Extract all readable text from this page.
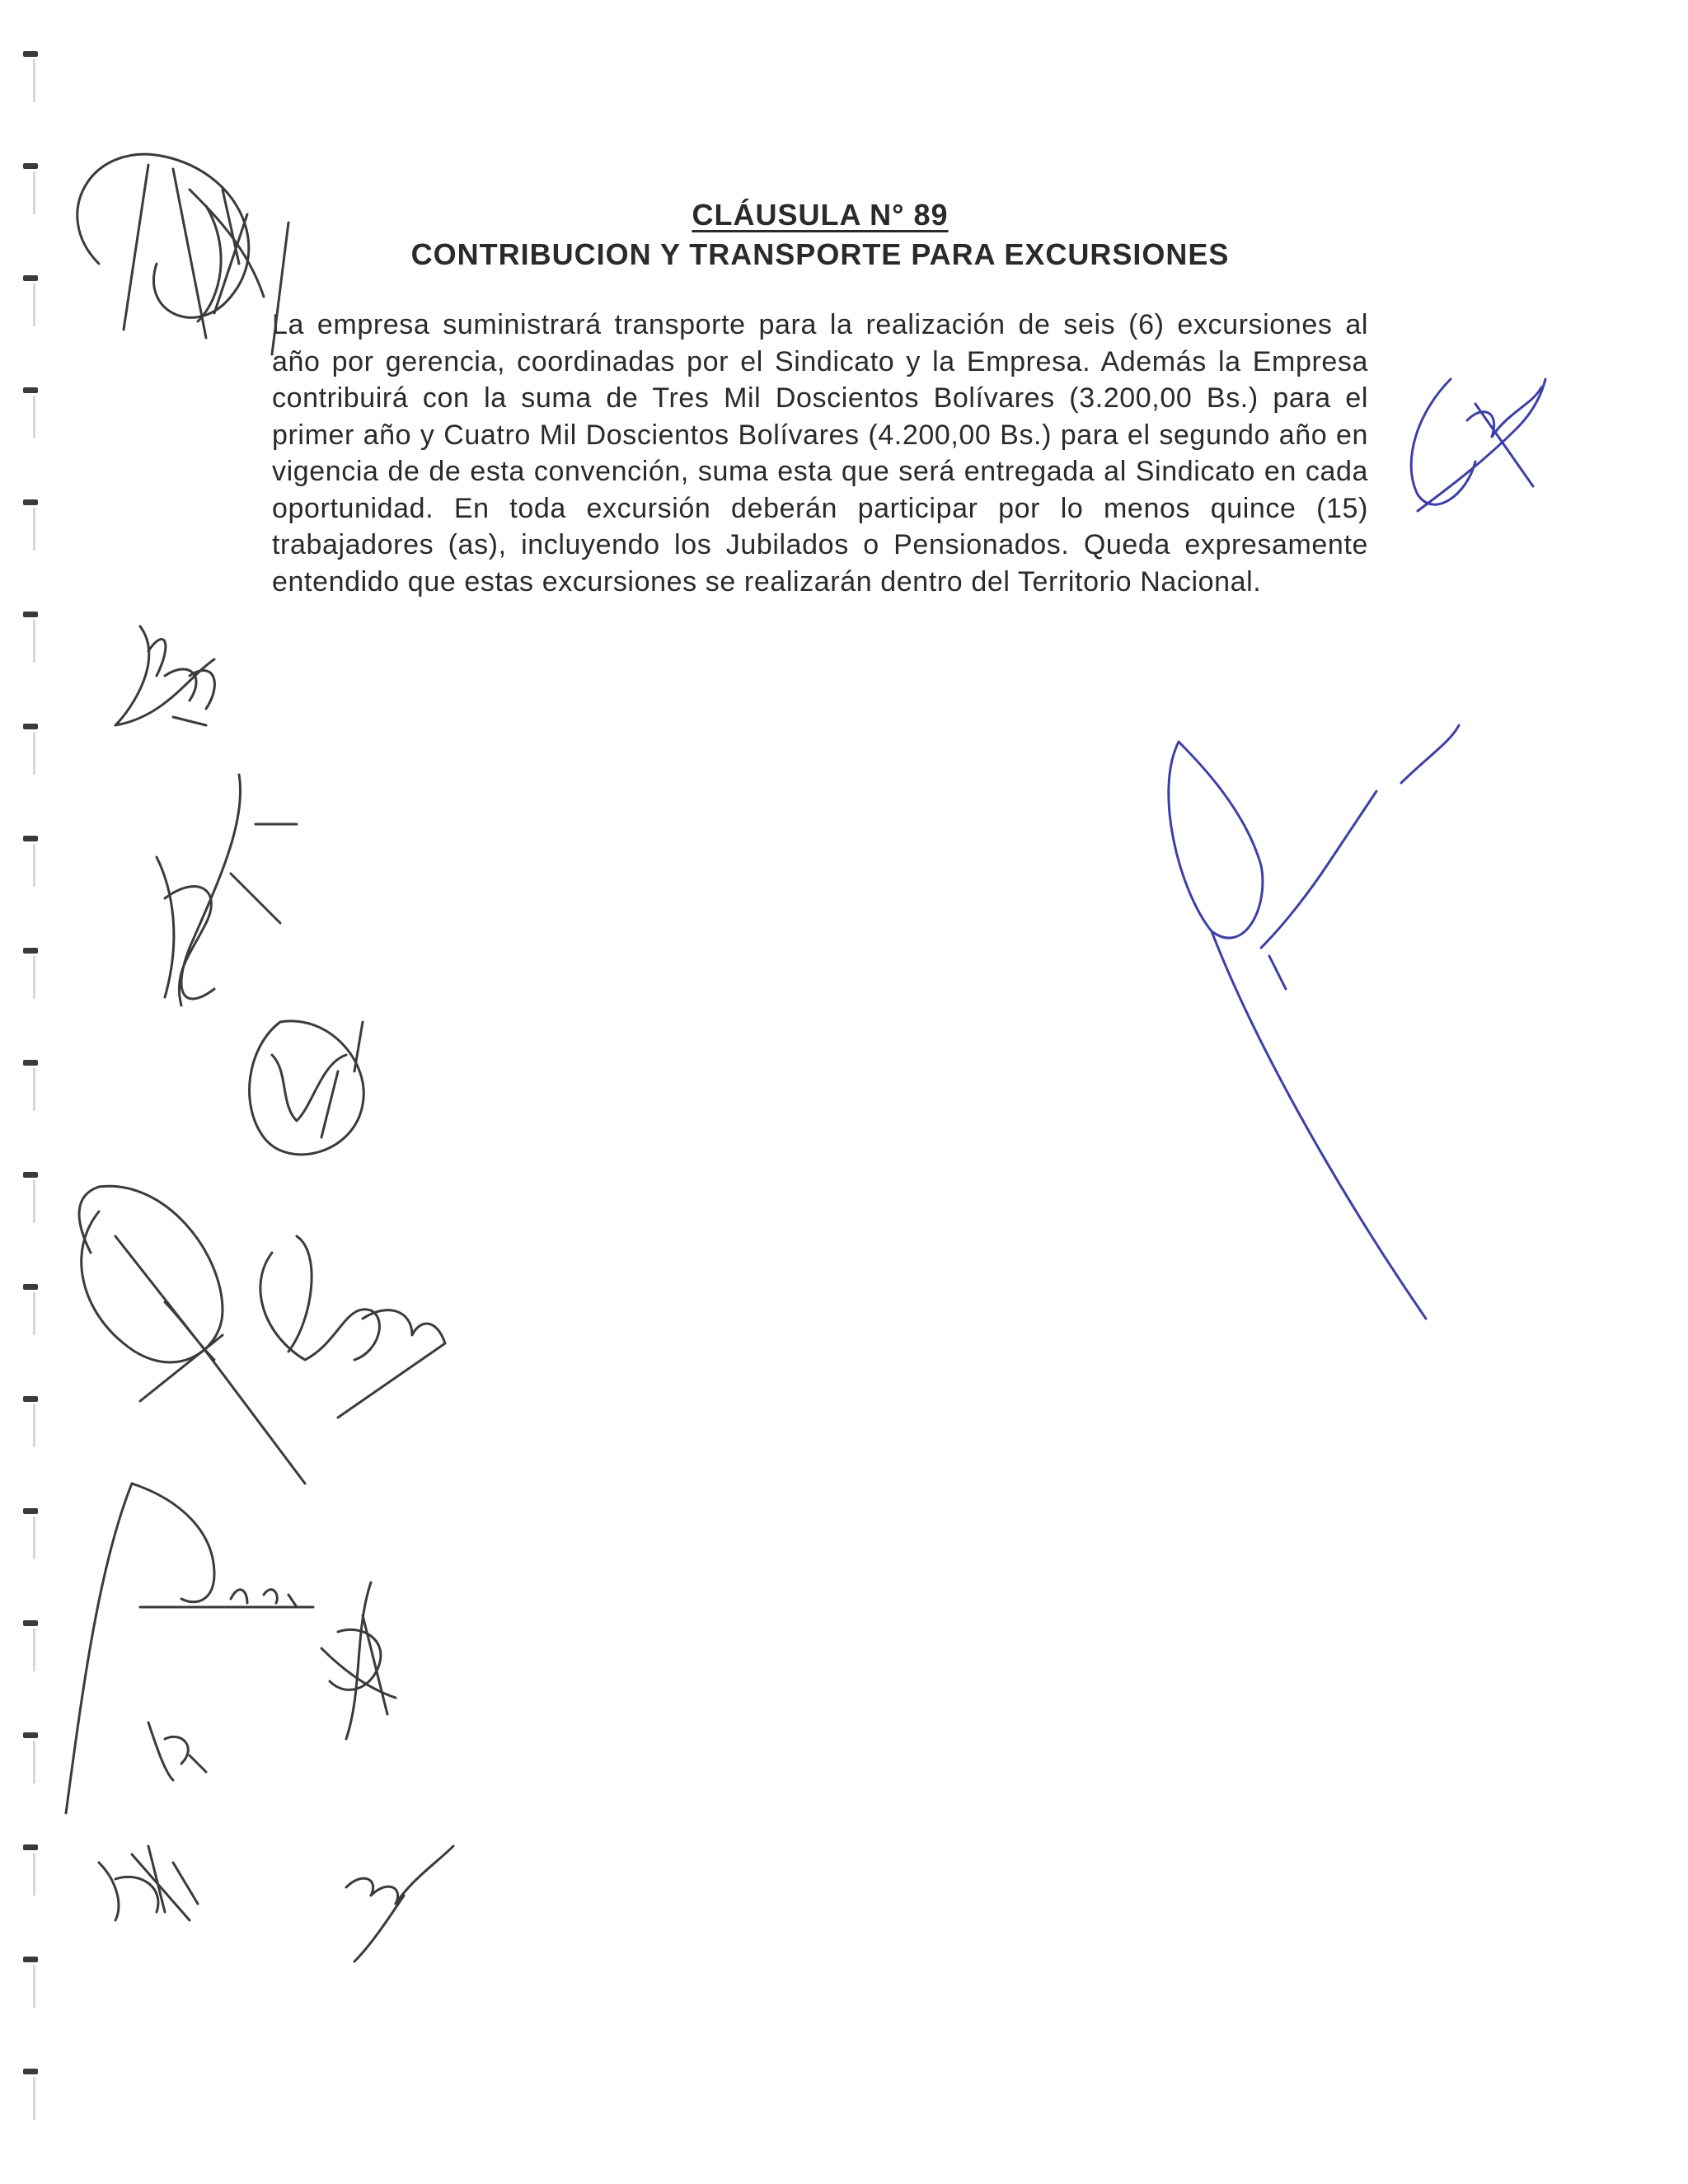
CLÁUSULA N° 89
CONTRIBUCION Y TRANSPORTE PARA EXCURSIONES
La empresa suministrará transporte para la realización de seis (6) excursiones al año por gerencia, coordinadas por el Sindicato y la Empresa. Además la Empresa contribuirá con la suma de Tres Mil Doscientos Bolívares (3.200,00 Bs.) para el primer año y Cuatro Mil Doscientos Bolívares (4.200,00 Bs.) para el segundo año en vigencia de de esta convención, suma esta que será entregada al Sindicato en cada oportunidad. En toda excursión deberán participar por lo menos quince (15) trabajadores (as), incluyendo los Jubilados o Pensionados. Queda expresamente entendido que estas excursiones se realizarán dentro del Territorio Nacional.
